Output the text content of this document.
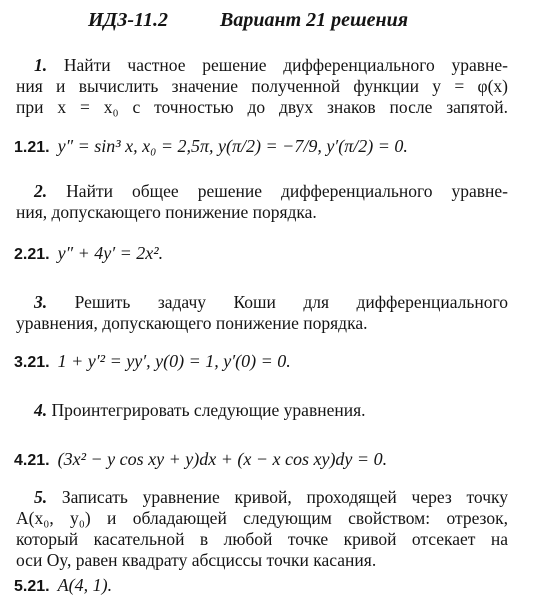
ИДЗ-11.2	Вариант 21 решения
1. Найти частное решение дифференциального уравне-
ния и вычислить значение полученной функции y = φ(x)
при x = x₀ с точностью до двух знаков после запятой.
1.21. y″ = sin³ x, x₀ = 2,5π, y(π/2) = −7/9, y′(π/2) = 0.
2. Найти общее решение дифференциального уравне-
ния, допускающего понижение порядка.
2.21. y″ + 4y′ = 2x².
3. Решить задачу Коши для дифференциального
уравнения, допускающего понижение порядка.
3.21. 1 + y′² = yy′, y(0) = 1, y′(0) = 0.
4. Проинтегрировать следующие уравнения.
4.21. (3x² − y cos xy + y)dx + (x − x cos xy)dy = 0.
5. Записать уравнение кривой, проходящей через точку
A(x₀, y₀) и обладающей следующим свойством: отрезок,
который касательной в любой точке кривой отсекает на
оси Oy, равен квадрату абсциссы точки касания.
5.21. A(4, 1).
